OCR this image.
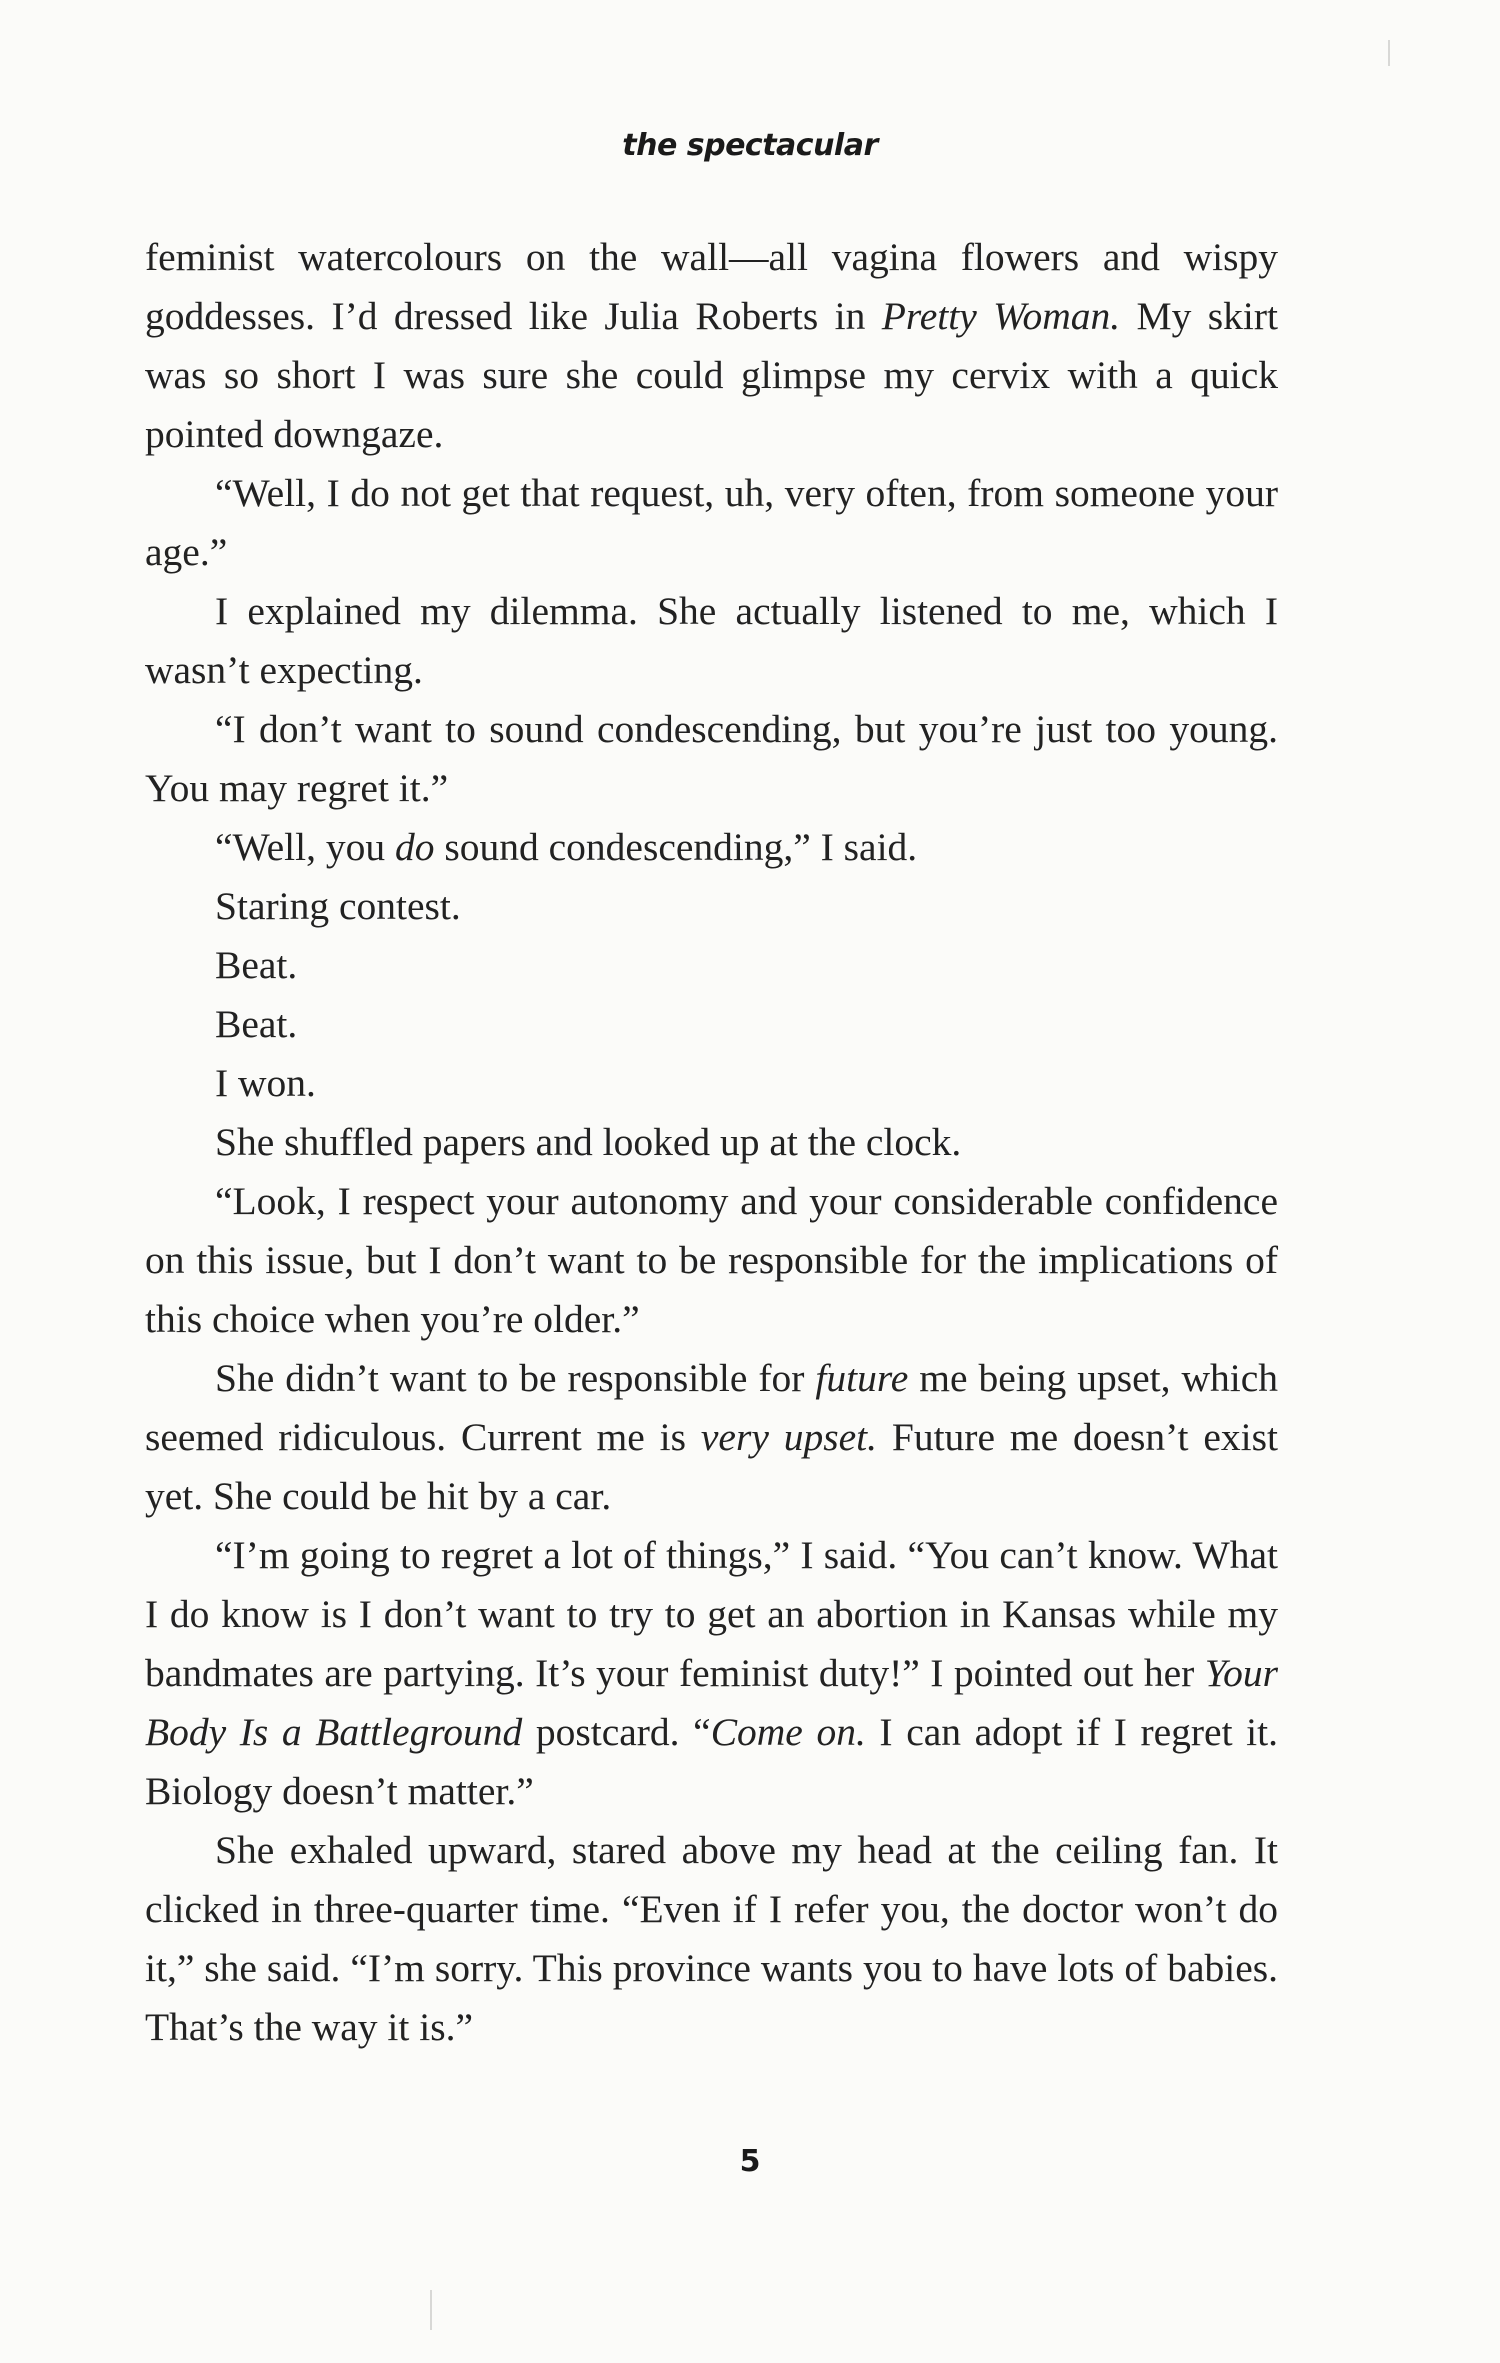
the spectacular

feminist watercolours on the wall—all vagina flowers and wispy goddesses. I’d dressed like Julia Roberts in Pretty Woman. My skirt was so short I was sure she could glimpse my cervix with a quick pointed downgaze.

“Well, I do not get that request, uh, very often, from someone your age.”

I explained my dilemma. She actually listened to me, which I wasn’t expecting.

“I don’t want to sound condescending, but you’re just too young. You may regret it.”

“Well, you do sound condescending,” I said.

Staring contest.

Beat.

Beat.

I won.

She shuffled papers and looked up at the clock.

“Look, I respect your autonomy and your considerable confidence on this issue, but I don’t want to be responsible for the implications of this choice when you’re older.”

She didn’t want to be responsible for future me being upset, which seemed ridiculous. Current me is very upset. Future me doesn’t exist yet. She could be hit by a car.

“I’m going to regret a lot of things,” I said. “You can’t know. What I do know is I don’t want to try to get an abortion in Kansas while my bandmates are partying. It’s your feminist duty!” I pointed out her Your Body Is a Battleground postcard. “Come on. I can adopt if I regret it. Biology doesn’t matter.”

She exhaled upward, stared above my head at the ceiling fan. It clicked in three-quarter time. “Even if I refer you, the doctor won’t do it,” she said. “I’m sorry. This province wants you to have lots of babies. That’s the way it is.”

5
